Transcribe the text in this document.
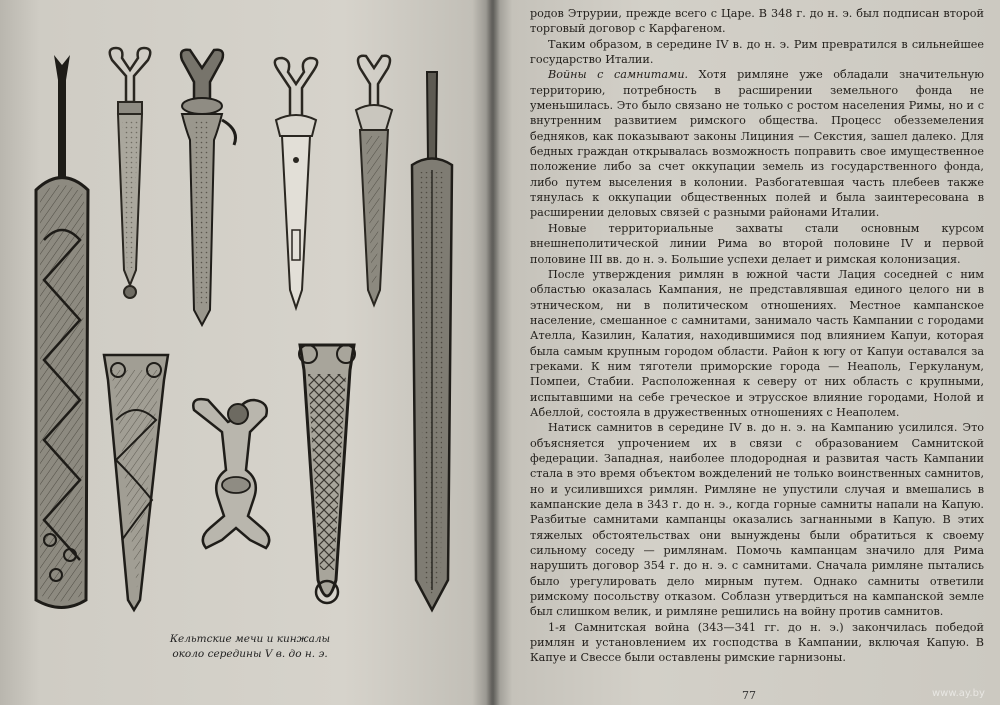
Кельтские мечи и кинжалы
около середины V в. до н. э.

родов Этрурии, прежде всего с Царе. В 348 г. до н. э. был подписан второй торговый договор с Карфагеном.

Таким образом, в середине IV в. до н. э. Рим превратился в сильнейшее государство Италии.

Войны с самнитами. Хотя римляне уже обладали значительную территорию, потребность в расширении земельного фонда не уменьшилась. Это было связано не только с ростом населения Римы, но и с внутренним развитием римского общества. Процесс обезземеления бедняков, как показывают законы Лициния — Секстия, зашел далеко. Для бедных граждан открывалась возможность поправить свое имущественное положение либо за счет оккупации земель из государственного фонда, либо путем выселения в колонии. Разбогатевшая часть плебеев также тянулась к оккупации общественных полей и была заинтересована в расширении деловых связей с разными районами Италии.

Новые территориальные захваты стали основным курсом внешнеполитической линии Рима во второй половине IV и первой половине III вв. до н. э. Большие успехи делает и римская колонизация.

После утверждения римлян в южной части Лация соседней с ним областью оказалась Кампания, не представлявшая единого целого ни в этническом, ни в политическом отношениях. Местное кампанское население, смешанное с самнитами, занимало часть Кампании с городами Ателла, Казилин, Калатия, находившимися под влиянием Капуи, которая была самым крупным городом области. Район к югу от Капуи оставался за греками. К ним тяготели приморские города — Неаполь, Геркуланум, Помпеи, Стабии. Расположенная к северу от них область с крупными, испытавшими на себе греческое и этрусское влияние городами, Нолой и Абеллой, состояла в дружественных отношениях с Неаполем.

Натиск самнитов в середине IV в. до н. э. на Кампанию усилился. Это объясняется упрочением их в связи с образованием Самнитской федерации. Западная, наиболее плодородная и развитая часть Кампании стала в это время объектом вожделений не только воинственных самнитов, но и усилившихся римлян. Римляне не упустили случая и вмешались в кампанские дела в 343 г. до н. э., когда горные самниты напали на Капую. Разбитые самнитами кампанцы оказались загнанными в Капую. В этих тяжелых обстоятельствах они вынуждены были обратиться к своему сильному соседу — римлянам. Помочь кампанцам значило для Рима нарушить договор 354 г. до н. э. с самнитами. Сначала римляне пытались было урегулировать дело мирным путем. Однако самниты ответили римскому посольству отказом. Соблазн утвердиться на кампанской земле был слишком велик, и римляне решились на войну против самнитов.

1-я Самнитская война (343—341 гг. до н. э.) закончилась победой римлян и установлением их господства в Кампании, включая Капую. В Капуе и Свессе были оставлены римские гарнизоны.

77	www.ay.by
